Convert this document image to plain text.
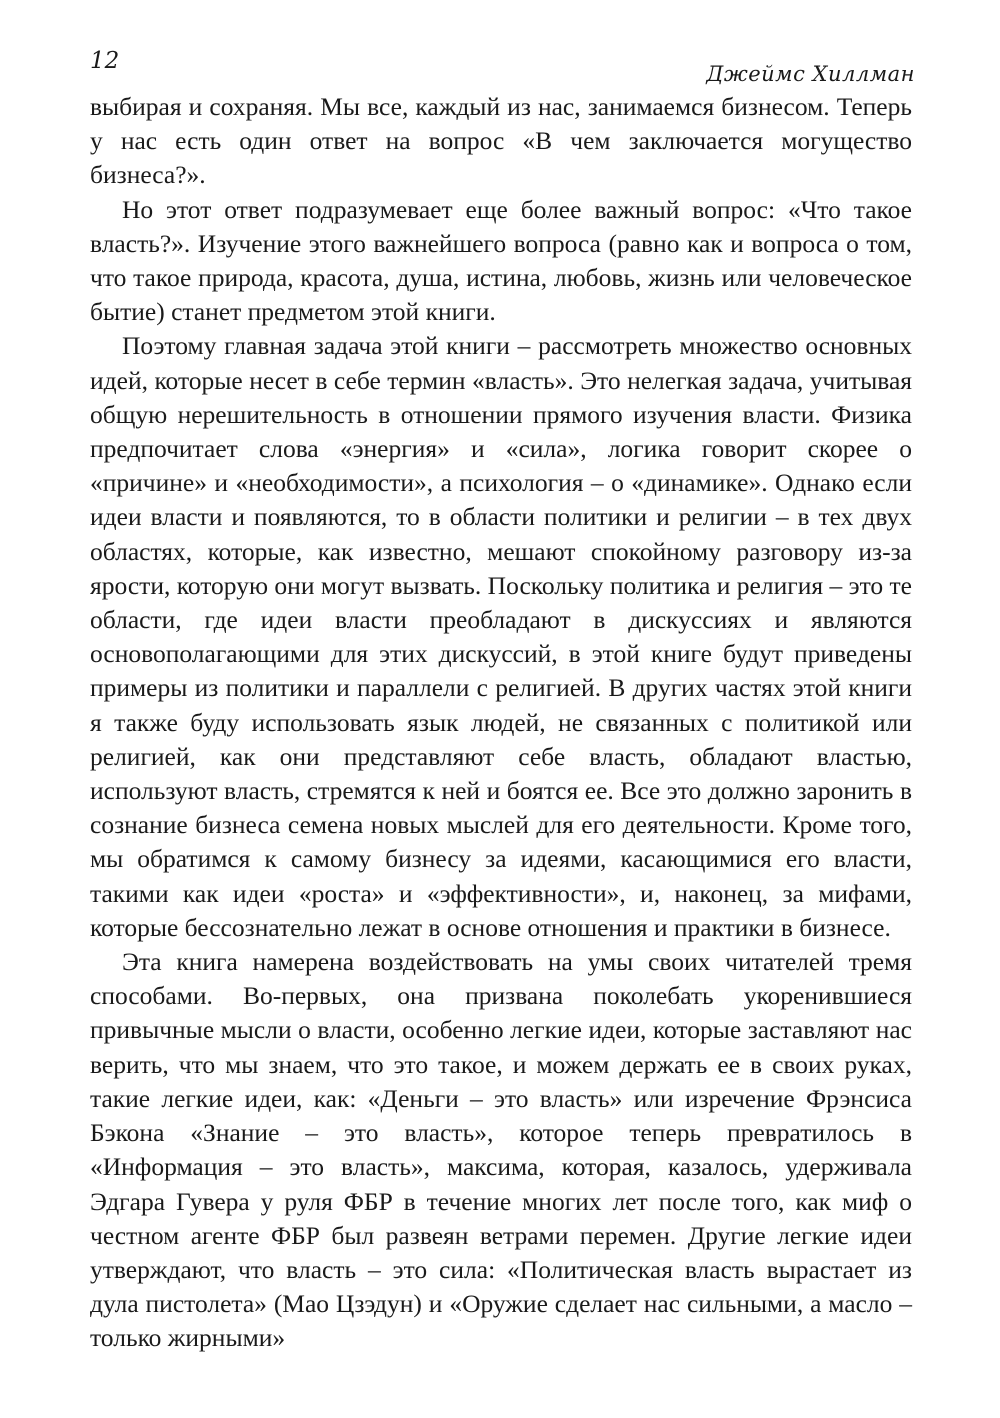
12	Джеймс Хиллман

выбирая и сохраняя. Мы все, каждый из нас, занимаемся бизнесом. Теперь у нас есть один ответ на вопрос «В чем заключается могущество бизнеса?».

Но этот ответ подразумевает еще более важный вопрос: «Что такое власть?». Изучение этого важнейшего вопроса (равно как и вопроса о том, что такое природа, красота, душа, истина, любовь, жизнь или человеческое бытие) станет предметом этой книги.

Поэтому главная задача этой книги – рассмотреть множество основных идей, которые несет в себе термин «власть». Это нелегкая задача, учитывая общую нерешительность в отношении прямого изучения власти. Физика предпочитает слова «энергия» и «сила», логика говорит скорее о «причине» и «необходимости», а психология – о «динамике». Однако если идеи власти и появляются, то в области политики и религии – в тех двух областях, которые, как известно, мешают спокойному разговору из-за ярости, которую они могут вызвать. Поскольку политика и религия – это те области, где идеи власти преобладают в дискуссиях и являются основополагающими для этих дискуссий, в этой книге будут приведены примеры из политики и параллели с религией. В других частях этой книги я также буду использовать язык людей, не связанных с политикой или религией, как они представляют себе власть, обладают властью, используют власть, стремятся к ней и боятся ее. Все это должно заронить в сознание бизнеса семена новых мыслей для его деятельности. Кроме того, мы обратимся к самому бизнесу за идеями, касающимися его власти, такими как идеи «роста» и «эффективности», и, наконец, за мифами, которые бессознательно лежат в основе отношения и практики в бизнесе.

Эта книга намерена воздействовать на умы своих читателей тремя способами. Во-первых, она призвана поколебать укоренившиеся привычные мысли о власти, особенно легкие идеи, которые заставляют нас верить, что мы знаем, что это такое, и можем держать ее в своих руках, такие легкие идеи, как: «Деньги – это власть» или изречение Фрэнсиса Бэкона «Знание – это власть», которое теперь превратилось в «Информация – это власть», максима, которая, казалось, удерживала Эдгара Гувера у руля ФБР в течение многих лет после того, как миф о честном агенте ФБР был развеян ветрами перемен. Другие легкие идеи утверждают, что власть – это сила: «Политическая власть вырастает из дула пистолета» (Мао Цзэдун) и «Оружие сделает нас сильными, а масло – только жирными»
